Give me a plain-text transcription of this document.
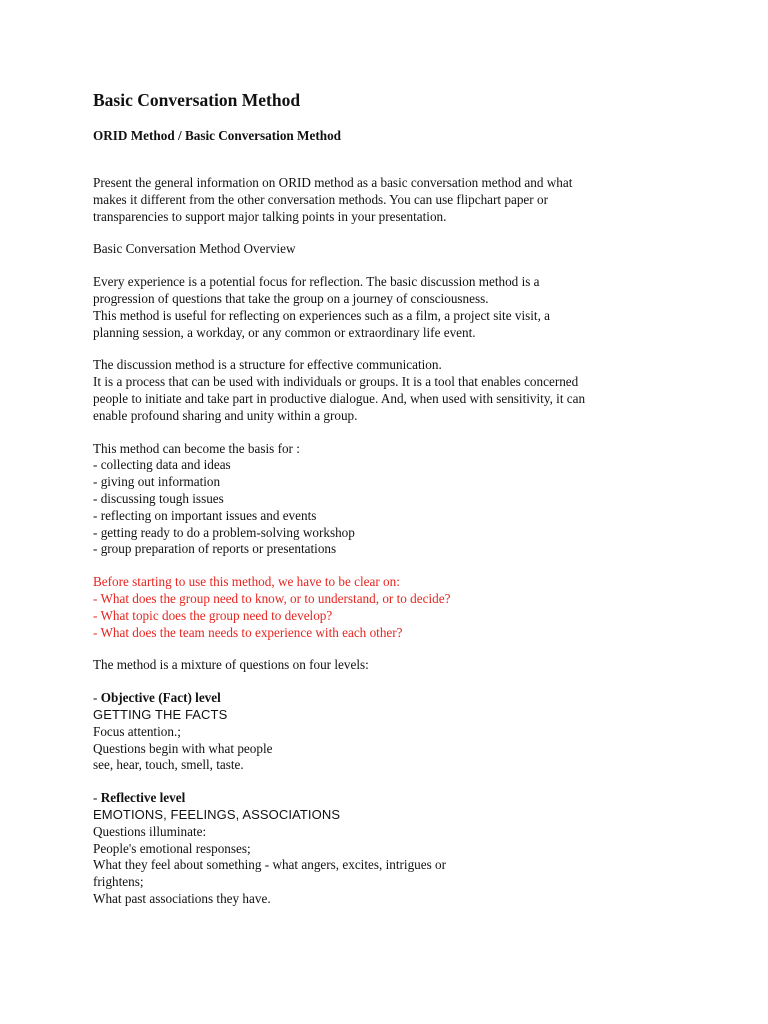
Basic Conversation Method
ORID Method / Basic Conversation Method

Present the general information on ORID method as a basic conversation method and what
makes it different from the other conversation methods. You can use flipchart paper or
transparencies to support major talking points in your presentation.

Basic Conversation Method Overview

Every experience is a potential focus for reflection. The basic discussion method is a
progression of questions that take the group on a journey of consciousness.
This method is useful for reflecting on experiences such as a film, a project site visit, a
planning session, a workday, or any common or extraordinary life event.

The discussion method is a structure for effective communication.
It is a process that can be used with individuals or groups. It is a tool that enables concerned
people to initiate and take part in productive dialogue. And, when used with sensitivity, it can
enable profound sharing and unity within a group.

This method can become the basis for :
- collecting data and ideas
- giving out information
- discussing tough issues
- reflecting on important issues and events
- getting ready to do a problem-solving workshop
- group preparation of reports or presentations

Before starting to use this method, we have to be clear on:
- What does the group need to know, or to understand, or to decide?
- What topic does the group need to develop?
- What does the team needs to experience with each other?

The method is a mixture of questions on four levels:

- Objective (Fact) level
GETTING THE FACTS
Focus attention.;
Questions begin with what people
see, hear, touch, smell, taste.

- Reflective level
EMOTIONS, FEELINGS, ASSOCIATIONS
Questions illuminate:
People's emotional responses;
What they feel about something - what angers, excites, intrigues or
frightens;
What past associations they have.
